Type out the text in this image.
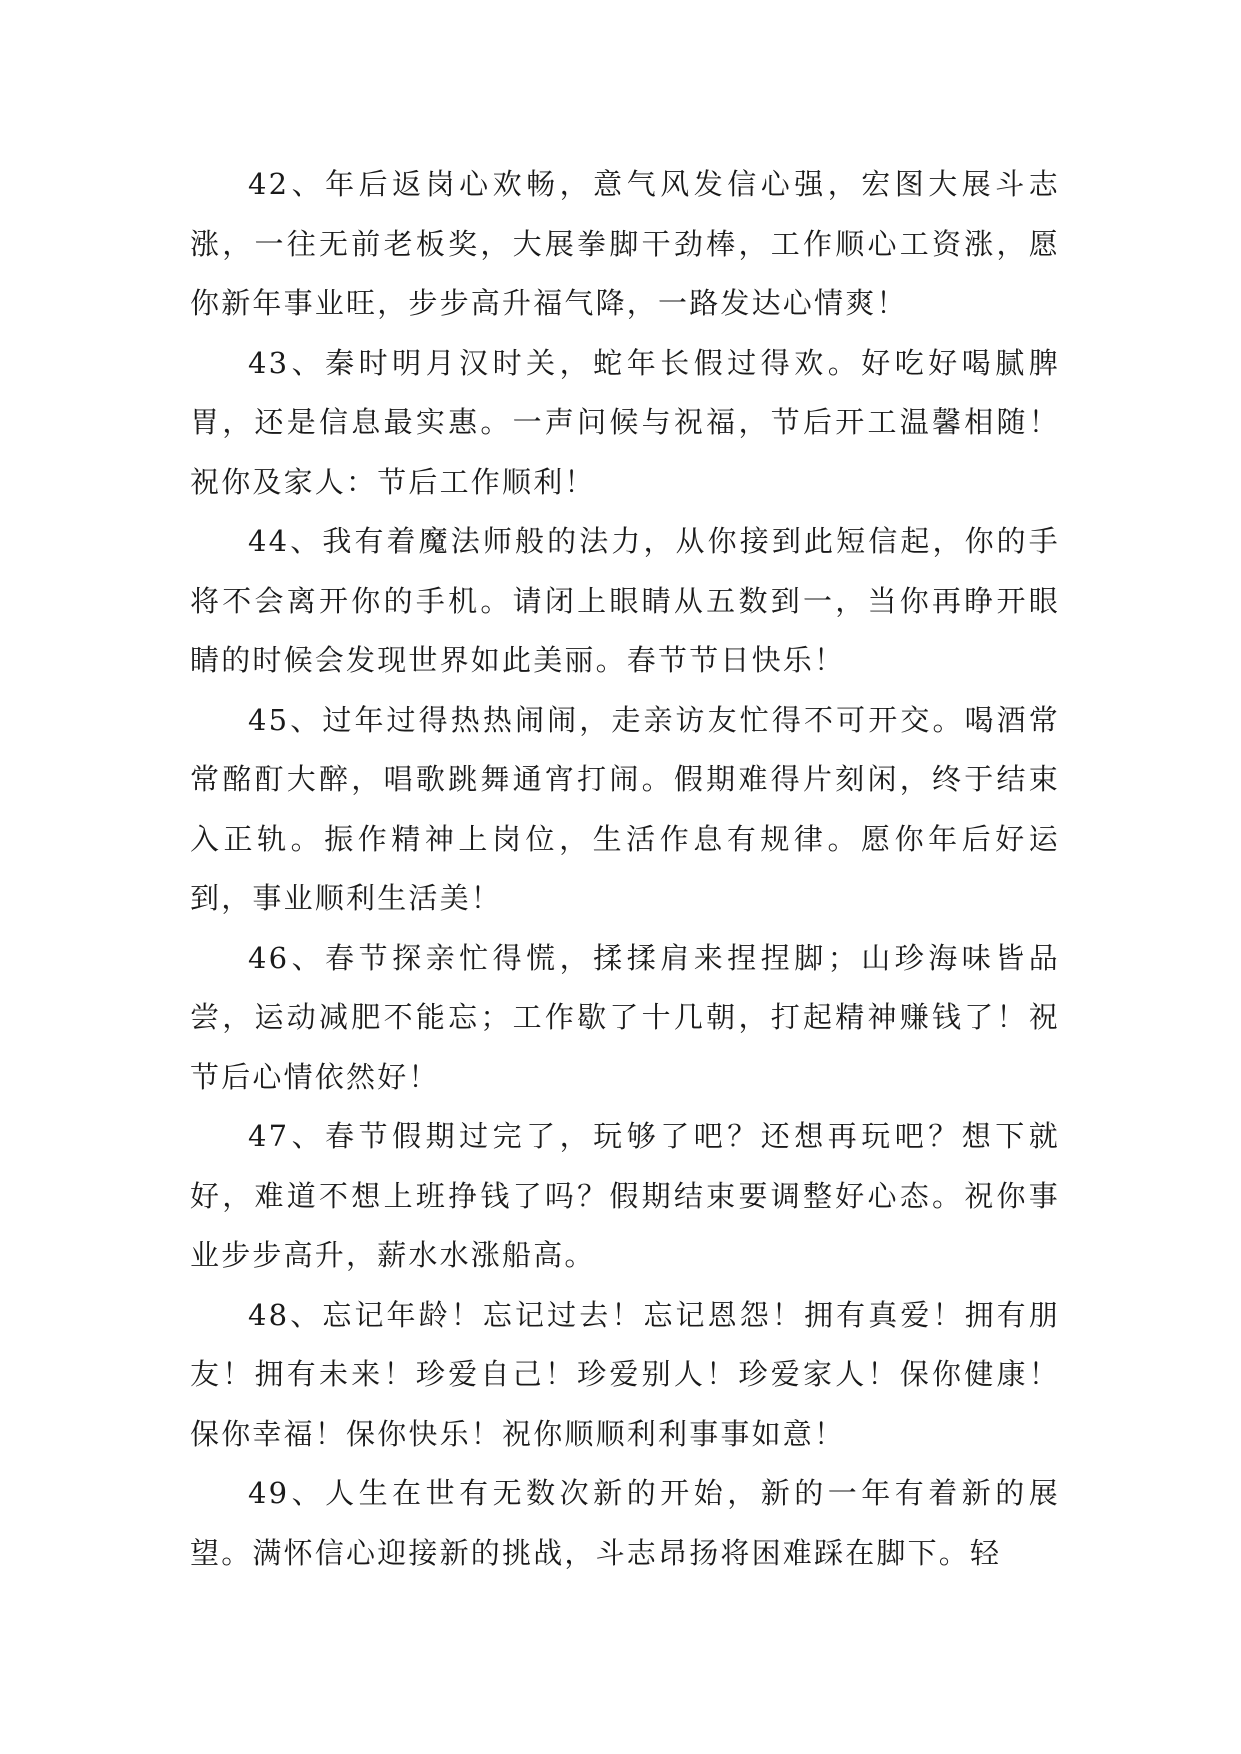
42、年后返岗心欢畅，意气风发信心强，宏图大展斗志涨，一往无前老板奖，大展拳脚干劲棒，工作顺心工资涨，愿你新年事业旺，步步高升福气降，一路发达心情爽！

43、秦时明月汉时关，蛇年长假过得欢。好吃好喝腻脾胃，还是信息最实惠。一声问候与祝福，节后开工温馨相随！祝你及家人：节后工作顺利！

44、我有着魔法师般的法力，从你接到此短信起，你的手将不会离开你的手机。请闭上眼睛从五数到一，当你再睁开眼睛的时候会发现世界如此美丽。春节节日快乐！

45、过年过得热热闹闹，走亲访友忙得不可开交。喝酒常常酩酊大醉，唱歌跳舞通宵打闹。假期难得片刻闲，终于结束入正轨。振作精神上岗位，生活作息有规律。愿你年后好运到，事业顺利生活美！

46、春节探亲忙得慌，揉揉肩来捏捏脚；山珍海味皆品尝，运动减肥不能忘；工作歇了十几朝，打起精神赚钱了！祝节后心情依然好！

47、春节假期过完了，玩够了吧？还想再玩吧？想下就好，难道不想上班挣钱了吗？假期结束要调整好心态。祝你事业步步高升，薪水水涨船高。

48、忘记年龄！忘记过去！忘记恩怨！拥有真爱！拥有朋友！拥有未来！珍爱自己！珍爱别人！珍爱家人！保你健康！保你幸福！保你快乐！祝你顺顺利利事事如意！

49、人生在世有无数次新的开始，新的一年有着新的展望。满怀信心迎接新的挑战，斗志昂扬将困难踩在脚下。轻
